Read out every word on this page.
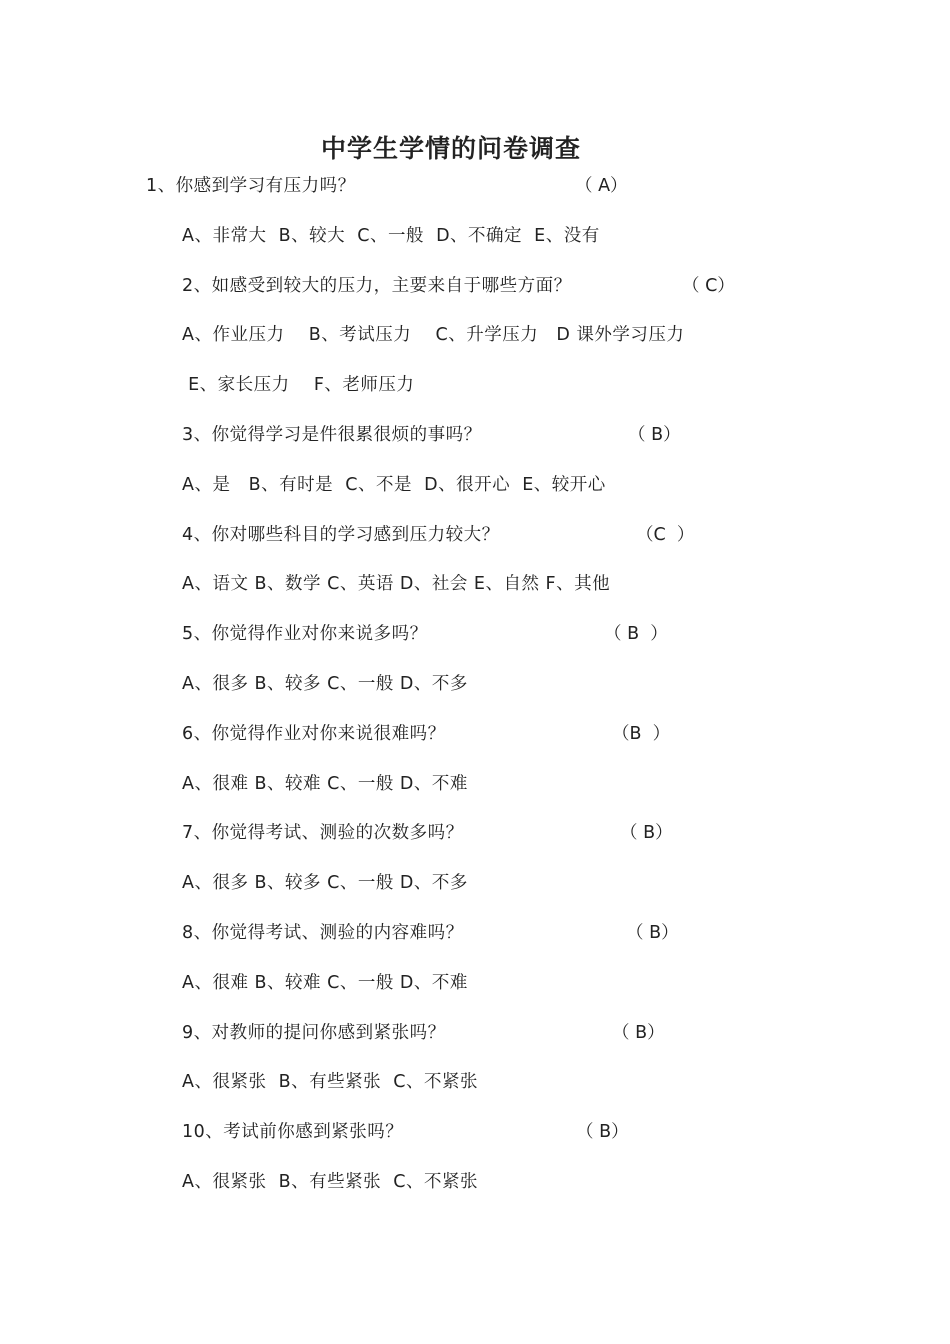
中学生学情的问卷调查
1、你感到学习有压力吗？	（ A）
A、非常大  B、较大  C、一般  D、不确定  E、没有
2、如感受到较大的压力，主要来自于哪些方面？	（ C）
A、作业压力    B、考试压力    C、升学压力   D 课外学习压力
E、家长压力    F、老师压力
3、你觉得学习是件很累很烦的事吗？	（ B）
A、是   B、有时是  C、不是  D、很开心  E、较开心
4、你对哪些科目的学习感到压力较大？	（C  ）
A、语文 B、数学 C、英语 D、社会 E、自然 F、其他
5、你觉得作业对你来说多吗？	（ B  ）
A、很多 B、较多 C、一般 D、不多
6、你觉得作业对你来说很难吗？	（B  ）
A、很难 B、较难 C、一般 D、不难
7、你觉得考试、测验的次数多吗？	（ B）
A、很多 B、较多 C、一般 D、不多
8、你觉得考试、测验的内容难吗？	（ B）
A、很难 B、较难 C、一般 D、不难
9、对教师的提问你感到紧张吗？	（ B）
A、很紧张  B、有些紧张  C、不紧张
10、考试前你感到紧张吗？	（ B）
A、很紧张  B、有些紧张  C、不紧张
